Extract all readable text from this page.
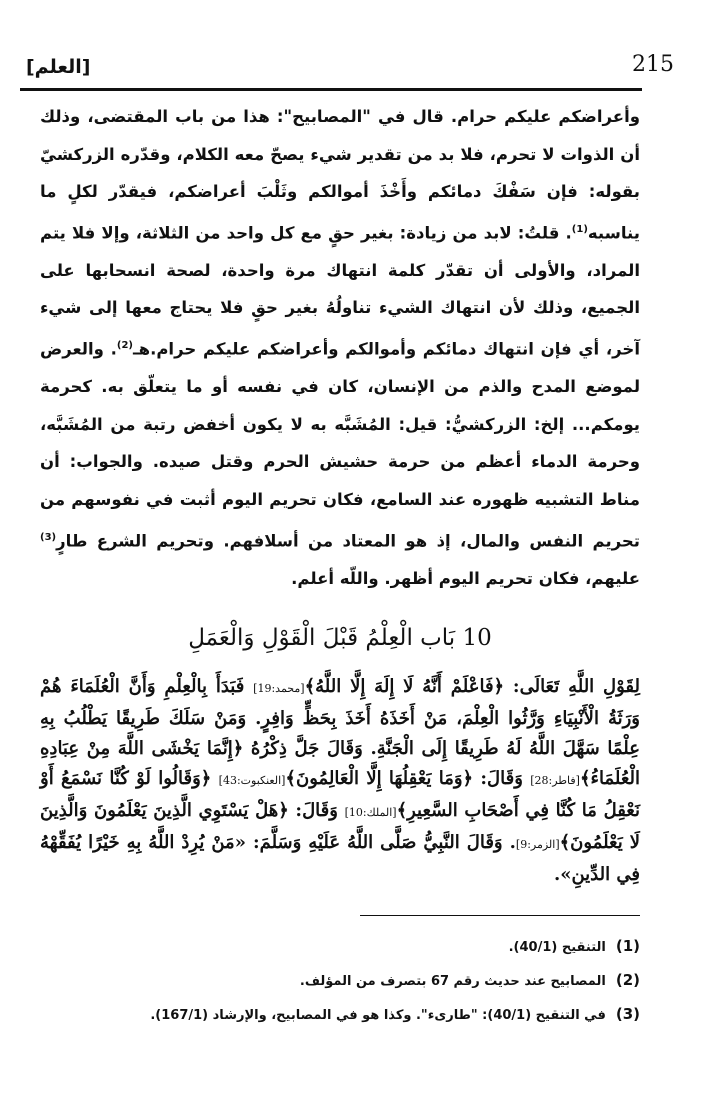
215
[العلم]

وأعراضكم عليكم حرام. قال في "المصابيح": هذا من باب المقتضى، وذلك أن الذوات لا تحرم، فلا بد من تقدير شيء يصحّ معه الكلام، وقدّره الزركشيّ بقوله: فإن سَفْكَ دمائكم وأَخْذَ أموالكم وثَلْبَ أعراضكم، فيقدّر لكلٍ ما يناسبه$^{(1)}$. قلتُ: لابد من زيادة: بغير حقٍ مع كل واحد من الثلاثة، وإلا فلا يتم المراد، والأولى أن تقدّر كلمة انتهاك مرة واحدة، لصحة انسحابها على الجميع، وذلك لأن انتهاك الشيء تناولُهُ بغير حقٍ فلا يحتاج معها إلى شيء آخر، أي فإن انتهاك دمائكم وأموالكم وأعراضكم عليكم حرام.هـ$^{(2)}$. والعرض لموضع المدح والذم من الإنسان، كان في نفسه أو ما يتعلّق به. كحرمة يومكم... إلخ: الزركشيُّ: قيل: المُشَبَّه به لا يكون أخفض رتبة من المُشَبَّه، وحرمة الدماء أعظم من حرمة حشيش الحرم وقتل صيده. والجواب: أن مناط التشبيه ظهوره عند السامع، فكان تحريم اليوم أثبت في نفوسهم من تحريم النفس والمال، إذ هو المعتاد من أسلافهم. وتحريم الشرع طارٍ$^{(3)}$ عليهم، فكان تحريم اليوم أظهر. واللّه أعلم.

10 بَاب الْعِلْمُ قَبْلَ الْقَوْلِ وَالْعَمَلِ

لِقَوْلِ اللَّهِ تَعَالَى: ﴿فَاعْلَمْ أَنَّهُ لَا إِلَهَ إِلَّا اللَّهُ﴾[محمد:19] فَبَدَأَ بِالْعِلْمِ وَأَنَّ الْعُلَمَاءَ هُمْ وَرَثَةُ الْأَنْبِيَاءِ وَرَّثُوا الْعِلْمَ، مَنْ أَخَذَهُ أَخَذَ بِحَظٍّ وَافِرٍ. وَمَنْ سَلَكَ طَرِيقًا يَطْلُبُ بِهِ عِلْمًا سَهَّلَ اللَّهُ لَهُ طَرِيقًا إِلَى الْجَنَّةِ. وَقَالَ جَلَّ ذِكْرُهُ ﴿إِنَّمَا يَخْشَى اللَّهَ مِنْ عِبَادِهِ الْعُلَمَاءُ﴾[فاطر:28] وَقَالَ: ﴿وَمَا يَعْقِلُهَا إِلَّا الْعَالِمُونَ﴾[العنكبوت:43] ﴿وَقَالُوا لَوْ كُنَّا نَسْمَعُ أَوْ نَعْقِلُ مَا كُنَّا فِي أَصْحَابِ السَّعِيرِ﴾[الملك:10] وَقَالَ: ﴿هَلْ يَسْتَوِي الَّذِينَ يَعْلَمُونَ وَالَّذِينَ لَا يَعْلَمُونَ﴾[الزمر:9]. وَقَالَ النَّبِيُّ صَلَّى اللَّهُ عَلَيْهِ وَسَلَّمَ: «مَنْ يُرِدْ اللَّهُ بِهِ خَيْرًا يُفَقِّهْهُ فِي الدِّينِ».

(1)التنقيح (40/1).

(2)المصابيح عند حديث رقم 67 بتصرف من المؤلف.

(3)في التنقيح (40/1): "طارىء". وكذا هو في المصابيح، والإرشاد (167/1).
